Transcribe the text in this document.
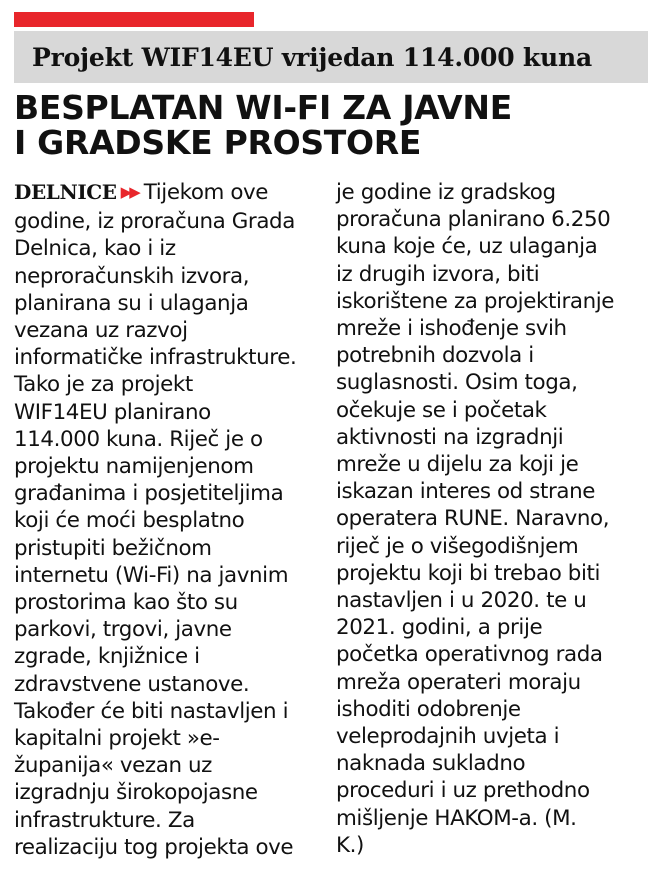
Projekt WIF14EU vrijedan 114.000 kuna
BESPLATAN WI-FI ZA JAVNE
I GRADSKE PROSTORE
DELNICE ▶▶ Tijekom ove
godine, iz proračuna Grada
Delnica, kao i iz
neproračunskih izvora,
planirana su i ulaganja
vezana uz razvoj
informatičke infrastrukture.
Tako je za projekt
WIF14EU planirano
114.000 kuna. Riječ je o
projektu namijenjenom
građanima i posjetiteljima
koji će moći besplatno
pristupiti bežičnom
internetu (Wi-Fi) na javnim
prostorima kao što su
parkovi, trgovi, javne
zgrade, knjižnice i
zdravstvene ustanove.
Također će biti nastavljen i
kapitalni projekt »e-
županija« vezan uz
izgradnju širokopojasne
infrastrukture. Za
realizaciju tog projekta ove
je godine iz gradskog
proračuna planirano 6.250
kuna koje će, uz ulaganja
iz drugih izvora, biti
iskorištene za projektiranje
mreže i ishođenje svih
potrebnih dozvola i
suglasnosti. Osim toga,
očekuje se i početak
aktivnosti na izgradnji
mreže u dijelu za koji je
iskazan interes od strane
operatera RUNE. Naravno,
riječ je o višegodišnjem
projektu koji bi trebao biti
nastavljen i u 2020. te u
2021. godini, a prije
početka operativnog rada
mreža operateri moraju
ishoditi odobrenje
veleprodajnih uvjeta i
naknada sukladno
proceduri i uz prethodno
mišljenje HAKOM-a. (M.
K.)
